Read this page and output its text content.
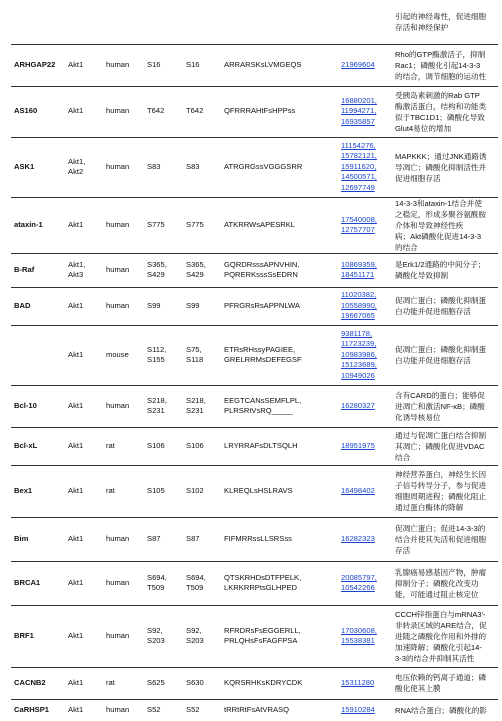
							引起的神经毒性，促进细胞
存活和神经保护

ARHGAP22	Akt1	human	S16	S16	ARRARSKsLVMGEQS	21969604	Rho的GTP酶激活子，抑制
Rac1；磷酸化引起14-3-3
的结合，调节细胞的运动性

AS160	Akt1	human	T642	T642	QFRRRAHtFsHPPss	16880201,
11994271,
16935857	受胰岛素刺激的Rab GTP
酶激活蛋白，结构和功能类
似于TBC1D1；磷酸化导致
Glut4易位的增加

ASK1	Akt1,
Akt2	human	S83	S83	ATRGRGssVGGGSRR	11154276,
15782121,
15911620,
14500571,
12697749	MAPKKK；通过JNK通路诱
导凋亡；磷酸化抑制活性并
促进细胞存活

ataxin-1	Akt1	human	S775	S775	ATKRRWsAPESRKL	17540008,
12757707	14-3-3和ataxin-1结合并使
之稳定，形成多聚谷氨酰胺
介体和导致神经性疾
病；Akt磷酸化促进14-3-3
的结合

B-Raf	Akt1,
Akt3	human	S365,
S429	S365,
S429	GQRDRsssAPNVHIN,
PQRERKsssSsEDRN	10869359,
18451171	是Erk1/2通路的中间分子；
磷酸化导致抑制

BAD	Akt1	human	S99	S99	PFRGRsRsAPPNLWA	11020382,
10558990,
19667065	促凋亡蛋白；磷酸化抑制蛋
白功能并促进细胞存活

	Akt1	mouse	S112,
S155	S75,
S118	ETRsRHssyPAGIEE,
GRELRRMsDEFEGSF	9381178,
11723239,
10983986,
15123689,
10949026	促凋亡蛋白；磷酸化抑制蛋
白功能并促进细胞存活

Bcl-10	Akt1	human	S218,
S231	S218,
S231	EEGTCANsSEMFLPL,
PLRSRtVsRQ_____	16280327	含有CARD的蛋白；能够促
进凋亡和激活NF-κB；磷酸
化诱导核易位

Bcl-xL	Akt1	rat	S106	S106	LRYRRAFsDLTSQLH	18951975	通过与促凋亡蛋白结合抑制
其凋亡；磷酸化促进VDAC
结合

Bex1	Akt1	rat	S105	S102	KLREQLsHSLRAVS	16498402	神经营养蛋白，神经生长因
子信号转导分子，参与促进
细胞周期进程；磷酸化阻止
通过蛋白酶体的降解

Bim	Akt1	human	S87	S87	FIFMRRssLLSRSss	16282323	促凋亡蛋白；促进14-3-3的
结合并使其失活和促进细胞
存活

BRCA1	Akt1	human	S694,
T509	S694,
T509	QTSKRHDsDTFPELK,
LKRKRRPtsGLHPED	20085797,
10542266	乳腺癌易感基因产物，肿瘤
抑制分子；磷酸化改变功
能，可能通过阻止核定位

BRF1	Akt1	human	S92,
S203	S92,
S203	RFRDRsFsEGGERLL,
PRLQHsFsFAGFPSA	17030608,
15538381	CCCH锌指蛋白与mRNA3'-
非转录区域的ARE结合，促
进随之磷酸化作用和外排的
加速降解；磷酸化引起14-
3-3的结合并抑制其活性

CACNB2	Akt1	rat	S625	S630	KQRSRHKsKDRYCDK	15311280	电压依赖的钙离子通道；磷
酸化使其上膜

CaRHSP1	Akt1	human	S52	S52	tRRtRtFsAtVRASQ	15910284	RNA结合蛋白；磷酸化的影
